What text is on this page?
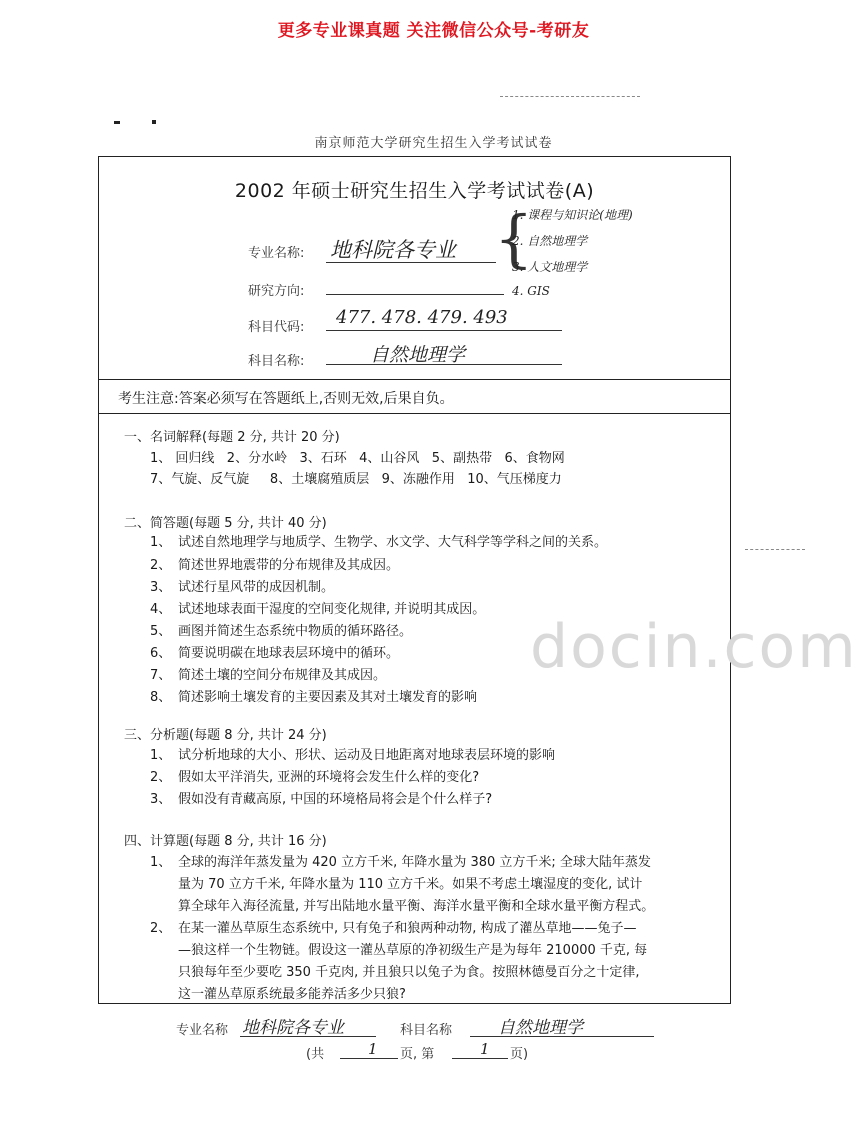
更多专业课真题 关注微信公众号-考研友
南京师范大学研究生招生入学考试试卷
2002 年硕士研究生招生入学考试试卷(A)
专业名称: 地科院各专业
研究方向:
科目代码: 477. 478. 479. 493
科目名称:	自然地理学
{
1. 课程与知识论(地理)
2. 自然地理学
3. 人文地理学
4. GIS
考生注意:答案必须写在答题纸上,否则无效,后果自负。
一、名词解释(每题 2 分, 共计 20 分)
1、 回归线   2、分水岭   3、石环   4、山谷风   5、副热带   6、食物网
7、气旋、反气旋     8、土壤腐殖质层   9、冻融作用   10、气压梯度力
二、简答题(每题 5 分, 共计 40 分)
1、 试述自然地理学与地质学、生物学、水文学、大气科学等学科之间的关系。
2、 简述世界地震带的分布规律及其成因。
3、 试述行星风带的成因机制。
4、 试述地球表面干湿度的空间变化规律, 并说明其成因。
5、 画图并简述生态系统中物质的循环路径。
6、 简要说明碳在地球表层环境中的循环。
7、 简述土壤的空间分布规律及其成因。
8、 简述影响土壤发育的主要因素及其对土壤发育的影响
docin.com
三、分析题(每题 8 分, 共计 24 分)
1、 试分析地球的大小、形状、运动及日地距离对地球表层环境的影响
2、 假如太平洋消失, 亚洲的环境将会发生什么样的变化?
3、 假如没有青藏高原, 中国的环境格局将会是个什么样子?
四、计算题(每题 8 分, 共计 16 分)
1、 全球的海洋年蒸发量为 420 立方千米, 年降水量为 380 立方千米; 全球大陆年蒸发
量为 70 立方千米, 年降水量为 110 立方千米。如果不考虑土壤湿度的变化, 试计
算全球年入海径流量, 并写出陆地水量平衡、海洋水量平衡和全球水量平衡方程式。
2、 在某一灌丛草原生态系统中, 只有兔子和狼两种动物, 构成了灌丛草地——兔子—
—狼这样一个生物链。假设这一灌丛草原的净初级生产是为每年 210000 千克, 每
只狼每年至少要吃 350 千克肉, 并且狼只以兔子为食。按照林德曼百分之十定律,
这一灌丛草原系统最多能养活多少只狼?
专业名称 地科院各专业	科目名称	自然地理学
(共	1 页, 第	1 页)
